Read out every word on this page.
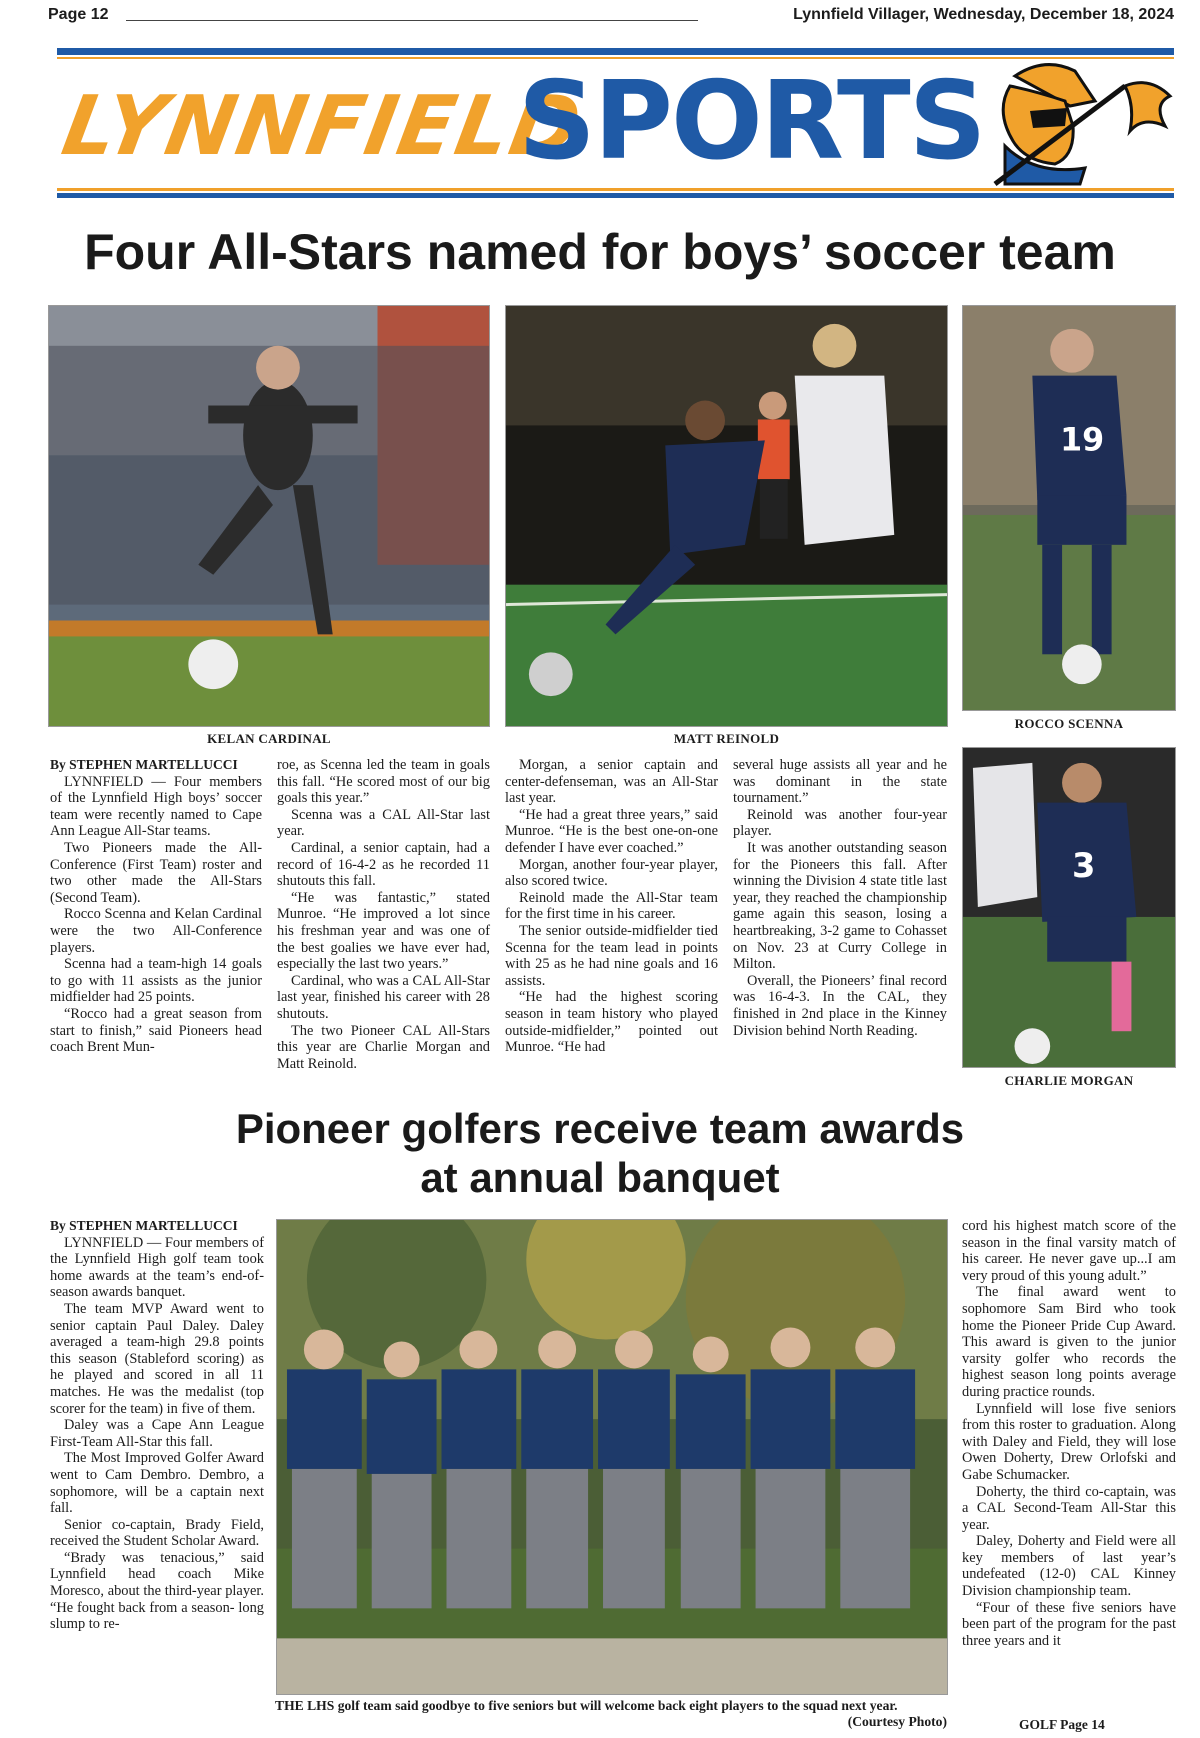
Page 12	Lynnfield Villager, Wednesday, December 18, 2024
LYNNFIELD
SPORTS
Four All-Stars named for boys’ soccer team
KELAN CARDINAL	MATT REINOLD
19
ROCCO SCENNA
3
CHARLIE MORGAN

By STEPHEN MARTELLUCCI

LYNNFIELD — Four members of the Lynnfield High boys’ soccer team were recently named to Cape Ann League All-Star teams.

Two Pioneers made the All-Conference (First Team) roster and two other made the All-Stars (Second Team).

Rocco Scenna and Kelan Cardinal were the two All-Conference players.

Scenna had a team-high 14 goals to go with 11 assists as the junior midfielder had 25 points.

“Rocco had a great season from start to finish,” said Pioneers head coach Brent Mun-

roe, as Scenna led the team in goals this fall. “He scored most of our big goals this year.”

Scenna was a CAL All-Star last year.

Cardinal, a senior captain, had a record of 16-4-2 as he recorded 11 shutouts this fall.

“He was fantastic,” stated Munroe. “He improved a lot since his freshman year and was one of the best goalies we have ever had, especially the last two years.”

Cardinal, who was a CAL All-Star last year, finished his career with 28 shutouts.

The two Pioneer CAL All-Stars this year are Charlie Morgan and Matt Reinold.

Morgan, a senior captain and center-defenseman, was an All-Star last year.

“He had a great three years,” said Munroe. “He is the best one-on-one defender I have ever coached.”

Morgan, another four-year player, also scored twice.

Reinold made the All-Star team for the first time in his career.

The senior outside-midfielder tied Scenna for the team lead in points with 25 as he had nine goals and 16 assists.

“He had the highest scoring season in team history who played outside-midfielder,” pointed out Munroe. “He had

several huge assists all year and he was dominant in the state tournament.”

Reinold was another four-year player.

It was another outstanding season for the Pioneers this fall. After winning the Division 4 state title last year, they reached the championship game again this season, losing a heartbreaking, 3-2 game to Cohasset on Nov. 23 at Curry College in Milton.

Overall, the Pioneers’ final record was 16-4-3. In the CAL, they finished in 2nd place in the Kinney Division behind North Reading.

Pioneer golfers receive team awards
at annual banquet

By STEPHEN MARTELLUCCI

LYNNFIELD — Four members of the Lynnfield High golf team took home awards at the team’s end-of-season awards banquet.

The team MVP Award went to senior captain Paul Daley. Daley averaged a team-high 29.8 points this season (Stableford scoring) as he played and scored in all 11 matches. He was the medalist (top scorer for the team) in five of them.

Daley was a Cape Ann League First-Team All-Star this fall.

The Most Improved Golfer Award went to Cam Dembro. Dembro, a sophomore, will be a captain next fall.

Senior co-captain, Brady Field, received the Student Scholar Award.

“Brady was tenacious,” said Lynnfield head coach Mike Moresco, about the third-year player. “He fought back from a season- long slump to re-

THE LHS golf team said goodbye to five seniors but will welcome back eight players to the squad next year.
(Courtesy Photo)

cord his highest match score of the season in the final varsity match of his career. He never gave up...I am very proud of this young adult.”

The final award went to sophomore Sam Bird who took home the Pioneer Pride Cup Award. This award is given to the junior varsity golfer who records the highest season long points average during practice rounds.

Lynnfield will lose five seniors from this roster to graduation. Along with Daley and Field, they will lose Owen Doherty, Drew Orlofski and Gabe Schumacker.

Doherty, the third co-captain, was a CAL Second-Team All-Star this year.

Daley, Doherty and Field were all key members of last year’s undefeated (12-0) CAL Kinney Division championship team.

“Four of these five seniors have been part of the program for the past three years and it

GOLF Page 14
